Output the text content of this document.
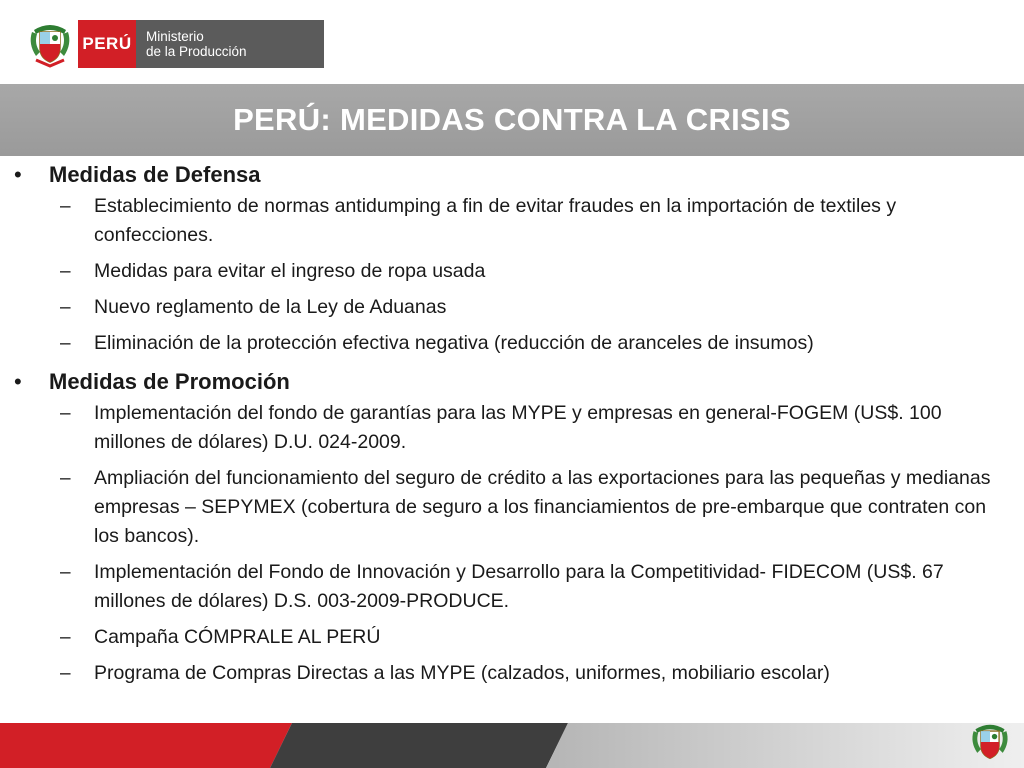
PERÚ Ministerio
de la Producción
PERÚ: MEDIDAS CONTRA LA CRISIS
• Medidas de Defensa
– Establecimiento de normas antidumping a fin de evitar fraudes en la importación de textiles y confecciones.
– Medidas para evitar el ingreso de ropa usada
– Nuevo reglamento de la Ley de Aduanas
– Eliminación de la protección efectiva negativa (reducción de aranceles de insumos)
• Medidas de Promoción
– Implementación del fondo de garantías para las MYPE y empresas en general-FOGEM (US$. 100 millones de dólares) D.U. 024-2009.
– Ampliación del funcionamiento del seguro de crédito a las exportaciones para las pequeñas y medianas empresas – SEPYMEX (cobertura de seguro a los financiamientos de pre-embarque que contraten con los bancos).
– Implementación del Fondo de Innovación y Desarrollo para la Competitividad- FIDECOM (US$. 67 millones de dólares) D.S. 003-2009-PRODUCE.
– Campaña CÓMPRALE AL PERÚ
– Programa de Compras Directas a las MYPE (calzados, uniformes, mobiliario escolar)
